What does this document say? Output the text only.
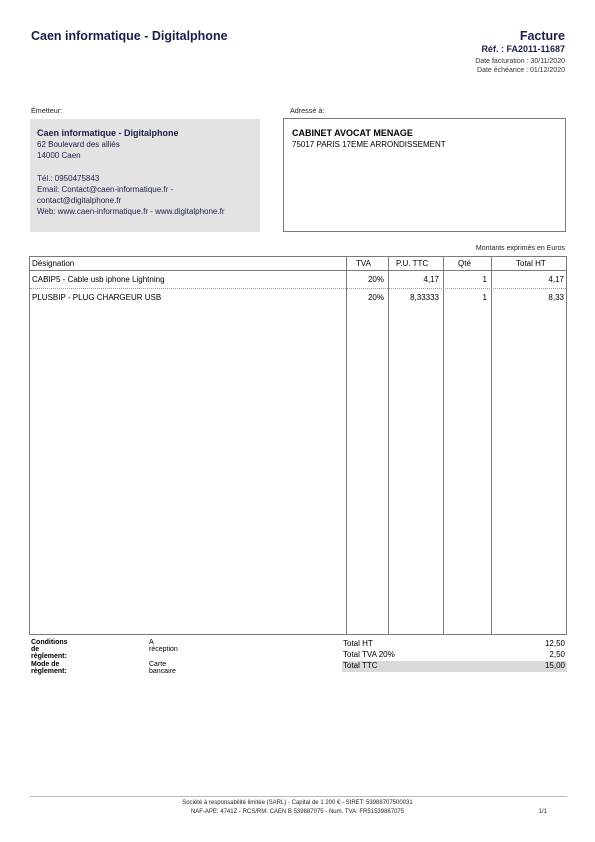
Caen informatique - Digitalphone	Facture
Réf. : FA2011-11687
Date facturation : 30/11/2020
Date échéance : 01/12/2020
Émetteur:
Caen informatique - Digitalphone
62 Boulevard des alliés
14000 Caen
Tél.: 0950475843
Email: Contact@caen-informatique.fr -
contact@digitalphone.fr
Web: www.caen-informatique.fr - www.digitalphone.fr
Adressé à:
CABINET AVOCAT MENAGE
75017 PARIS 17EME ARRONDISSEMENT
Montants exprimés en Euros
Désignation	TVA	P.U. TTC	Qté	Total HT
CABIP5 - Cable usb iphone Lightning	20%	4,17	1	4,17
PLUSBIP - PLUG CHARGEUR USB	20%	8,33333	1	8,33
Conditions de règlement:
A réception
Mode de règlement:
Carte bancaire
Total HT	12,50
Total TVA 20%	2,50
Total TTC	15,00
Société à responsabilité limitée (SARL) - Capital de 1 200 € - SIRET: 53988707500031
NAF-APE: 4741Z - RCS/RM: CAEN B 539887075 - Num. TVA: FR51539887075	1/1
